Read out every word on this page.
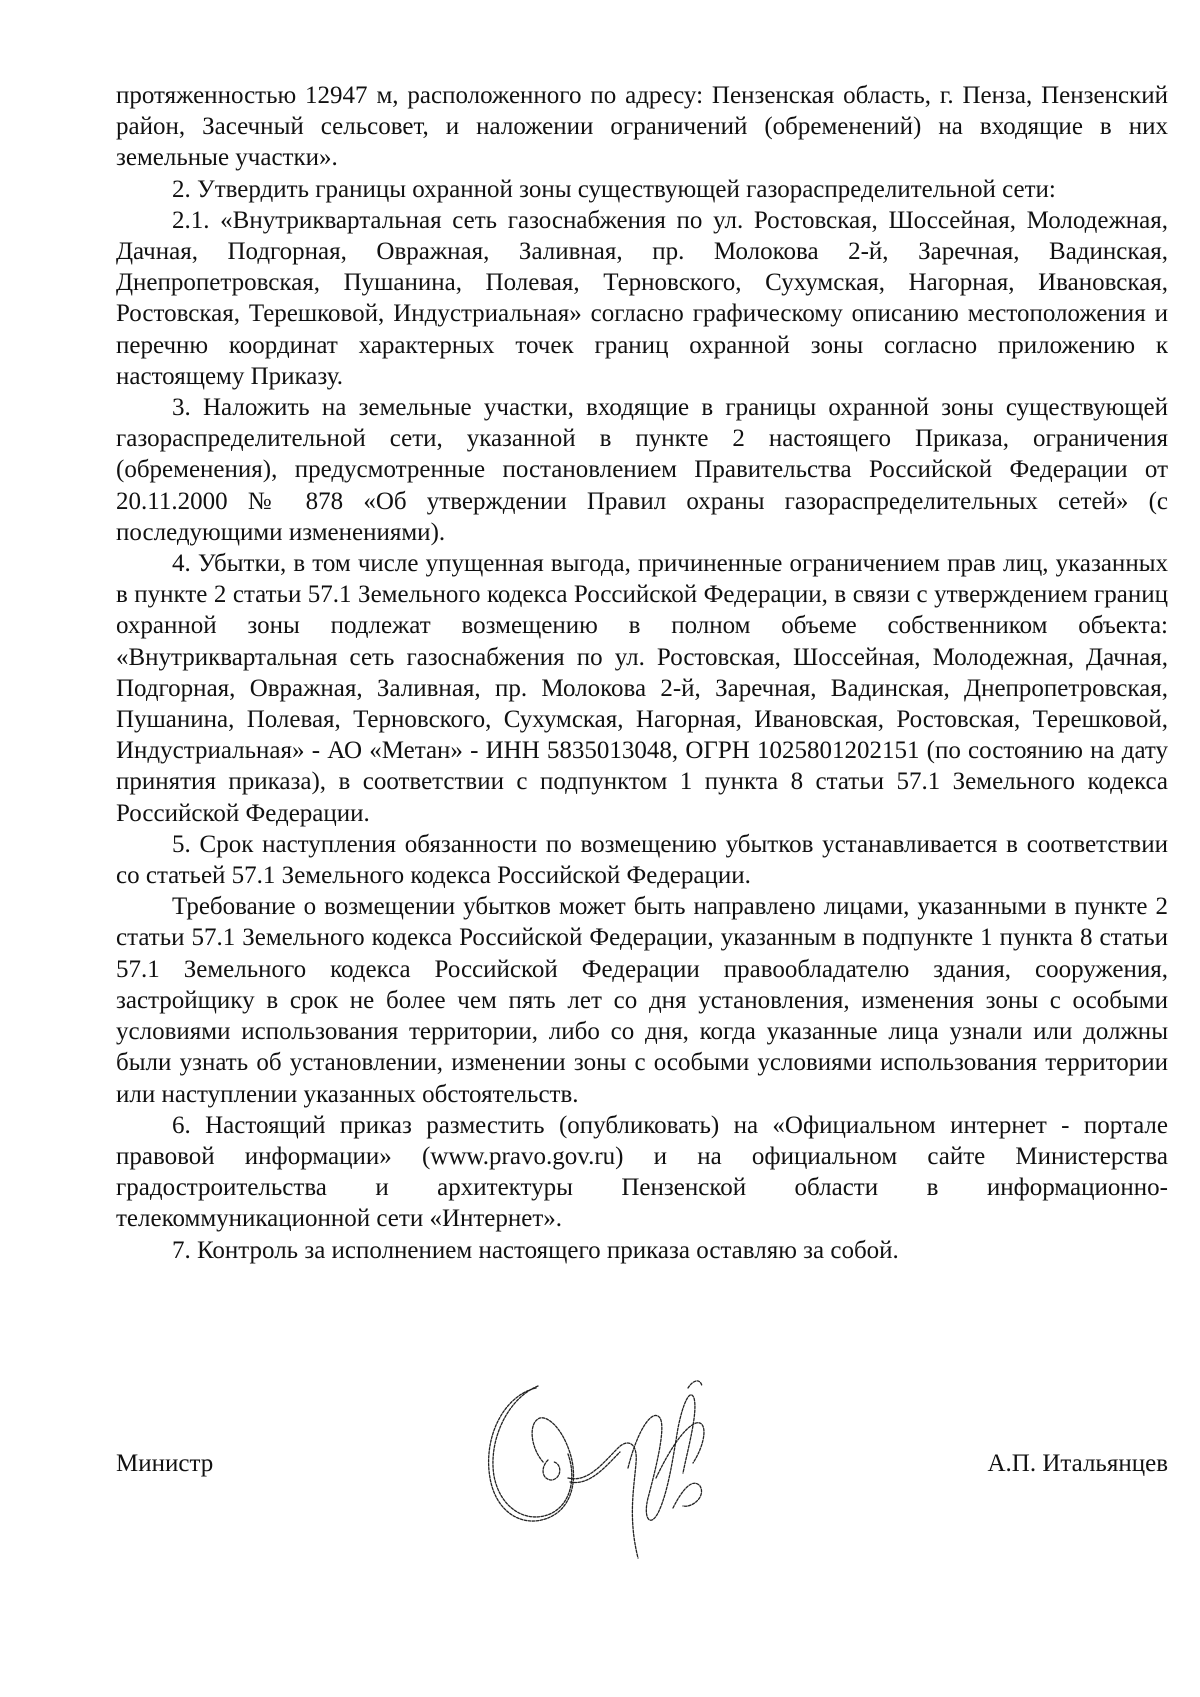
протяженностью 12947 м, расположенного по адресу: Пензенская область, г. Пенза, Пензенский район, Засечный сельсовет, и наложении ограничений (обременений) на входящие в них земельные участки».

2. Утвердить границы охранной зоны существующей газораспределительной сети:

2.1. «Внутриквартальная сеть газоснабжения по ул. Ростовская, Шоссейная, Молодежная, Дачная, Подгорная, Овражная, Заливная, пр. Молокова 2-й, Заречная, Вадинская, Днепропетровская, Пушанина, Полевая, Терновского, Сухумская, Нагорная, Ивановская, Ростовская, Терешковой, Индустриальная» согласно графическому описанию местоположения и перечню координат характерных точек границ охранной зоны согласно приложению к настоящему Приказу.

3. Наложить на земельные участки, входящие в границы охранной зоны существующей газораспределительной сети, указанной в пункте 2 настоящего Приказа, ограничения (обременения), предусмотренные постановлением Правительства Российской Федерации от 20.11.2000 № 878 «Об утверждении Правил охраны газораспределительных сетей» (с последующими изменениями).

4. Убытки, в том числе упущенная выгода, причиненные ограничением прав лиц, указанных в пункте 2 статьи 57.1 Земельного кодекса Российской Федерации, в связи с утверждением границ охранной зоны подлежат возмещению в полном объеме собственником объекта: «Внутриквартальная сеть газоснабжения по ул. Ростовская, Шоссейная, Молодежная, Дачная, Подгорная, Овражная, Заливная, пр. Молокова 2-й, Заречная, Вадинская, Днепропетровская, Пушанина, Полевая, Терновского, Сухумская, Нагорная, Ивановская, Ростовская, Терешковой, Индустриальная» - АО «Метан» - ИНН 5835013048, ОГРН 1025801202151 (по состоянию на дату принятия приказа), в соответствии с подпунктом 1 пункта 8 статьи 57.1 Земельного кодекса Российской Федерации.

5. Срок наступления обязанности по возмещению убытков устанавливается в соответствии со статьей 57.1 Земельного кодекса Российской Федерации.

Требование о возмещении убытков может быть направлено лицами, указанными в пункте 2 статьи 57.1 Земельного кодекса Российской Федерации, указанным в подпункте 1 пункта 8 статьи 57.1 Земельного кодекса Российской Федерации правообладателю здания, сооружения, застройщику в срок не более чем пять лет со дня установления, изменения зоны с особыми условиями использования территории, либо со дня, когда указанные лица узнали или должны были узнать об установлении, изменении зоны с особыми условиями использования территории или наступлении указанных обстоятельств.

6. Настоящий приказ разместить (опубликовать) на «Официальном интернет - портале правовой информации» (www.pravo.gov.ru) и на официальном сайте Министерства градостроительства и архитектуры Пензенской области в информационно-телекоммуникационной сети «Интернет».

7. Контроль за исполнением настоящего приказа оставляю за собой.

Министр	А.П. Итальянцев
